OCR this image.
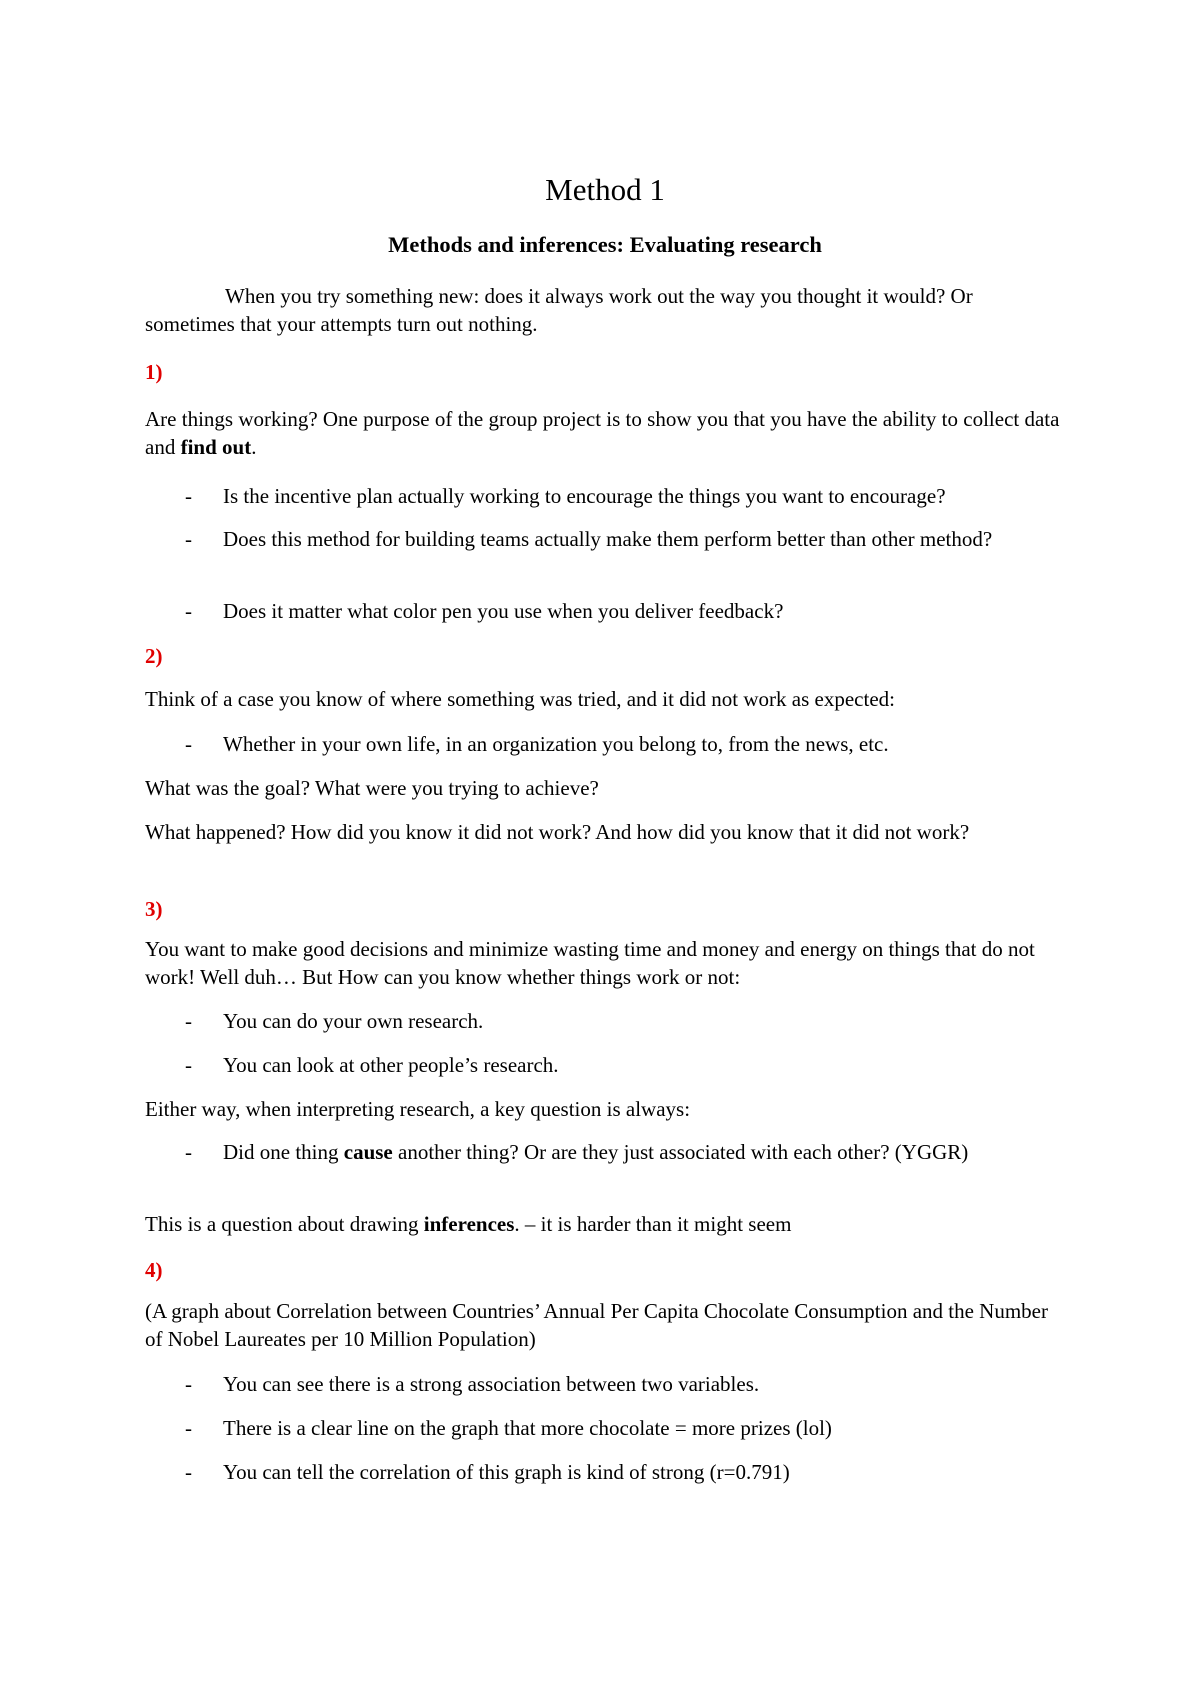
Method 1
Methods and inferences: Evaluating research
When you try something new: does it always work out the way you thought it would? Or sometimes that your attempts turn out nothing.
1)
Are things working? One purpose of the group project is to show you that you have the ability to collect data and find out.
-	Is the incentive plan actually working to encourage the things you want to encourage?
-	Does this method for building teams actually make them perform better than other method?
-	Does it matter what color pen you use when you deliver feedback?
2)
Think of a case you know of where something was tried, and it did not work as expected:
-	Whether in your own life, in an organization you belong to, from the news, etc.
What was the goal? What were you trying to achieve?
What happened? How did you know it did not work? And how did you know that it did not work?
3)
You want to make good decisions and minimize wasting time and money and energy on things that do not work! Well duh… But How can you know whether things work or not:
-	You can do your own research.
-	You can look at other people’s research.
Either way, when interpreting research, a key question is always:
-	Did one thing cause another thing? Or are they just associated with each other? (YGGR)
This is a question about drawing inferences. – it is harder than it might seem
4)
(A graph about Correlation between Countries’ Annual Per Capita Chocolate Consumption and the Number of Nobel Laureates per 10 Million Population)
-	You can see there is a strong association between two variables.
-	There is a clear line on the graph that more chocolate = more prizes (lol)
-	You can tell the correlation of this graph is kind of strong (r=0.791)
